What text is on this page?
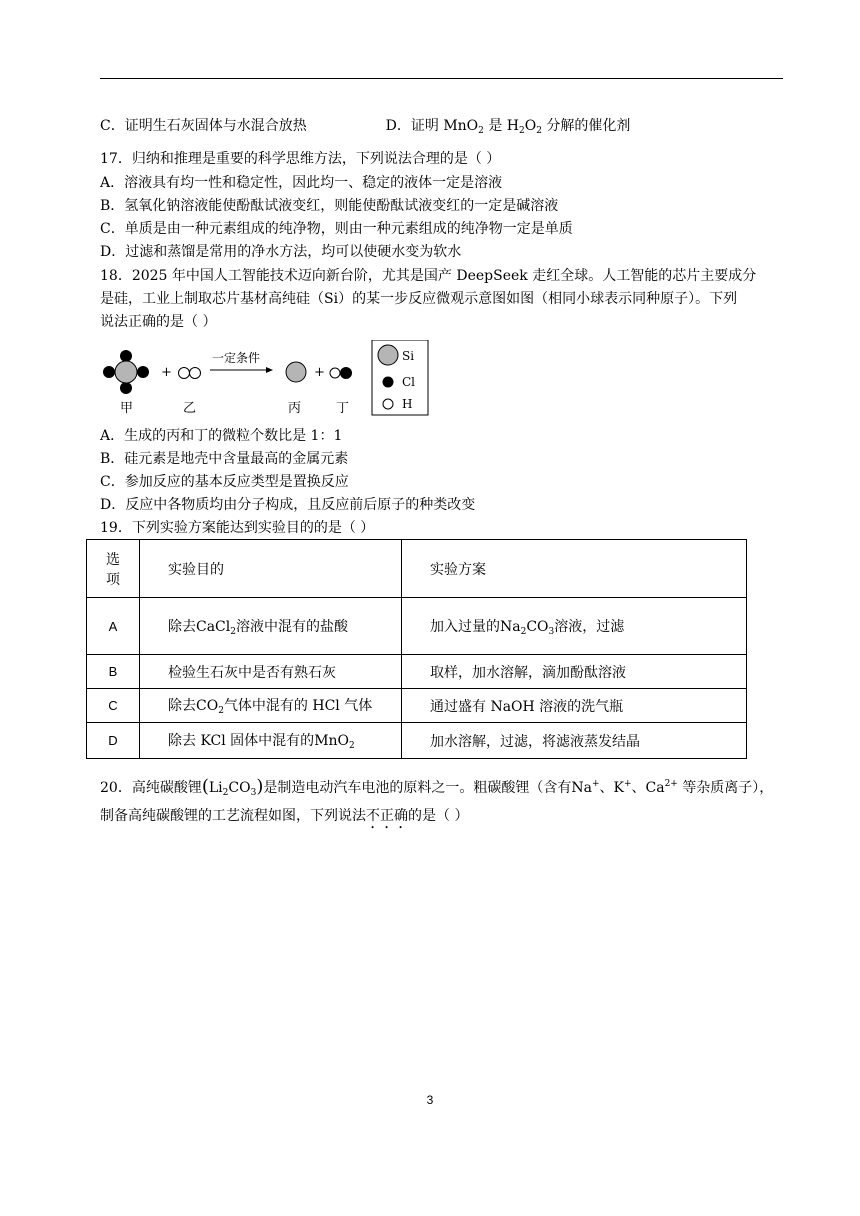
C．证明生石灰固体与水混合放热	D．证明 MnO$_2$ 是 $H_2O_2$ 分解的催化剂
17．归纳和推理是重要的科学思维方法，下列说法合理的是（ ）
A．溶液具有均一性和稳定性，因此均一、稳定的液体一定是溶液
B．氢氧化钠溶液能使酚酞试液变红，则能使酚酞试液变红的一定是碱溶液
C．单质是由一种元素组成的纯净物，则由一种元素组成的纯净物一定是单质
D．过滤和蒸馏是常用的净水方法，均可以使硬水变为软水
18．2025 年中国人工智能技术迈向新台阶，尤其是国产 DeepSeek 走红全球。人工智能的芯片主要成分
是硅，工业上制取芯片基材高纯硅（Si）的某一步反应微观示意图如图（相同小球表示同种原子）。下列
说法正确的是（ ）
+
一定条件
+
甲	乙	丙	丁
Si
Cl
H
A．生成的丙和丁的微粒个数比是 1：1
B．硅元素是地壳中含量最高的金属元素
C．参加反应的基本反应类型是置换反应
D．反应中各物质均由分子构成，且反应前后原子的种类改变
19．下列实验方案能达到实验目的的是（ ）
选
项	实验目的	实验方案
A	除去CaCl$_2$溶液中混有的盐酸	加入过量的$Na_2CO_3$溶液，过滤
B	检验生石灰中是否有熟石灰	取样，加水溶解，滴加酚酞溶液
C	除去$CO_2$气体中混有的 HCl 气体	通过盛有 NaOH 溶液的洗气瓶
D	除去 KCl 固体中混有的MnO$_2$	加水溶解，过滤，将滤液蒸发结晶
20．高纯碳酸锂$(Li_2CO_3)$是制造电动汽车电池的原料之一。粗碳酸锂（含有Na+、K+、$Ca^{2+}$ 等杂质离子），
制备高纯碳酸锂的工艺流程如图，下列说法不正确的是（ ）
3
